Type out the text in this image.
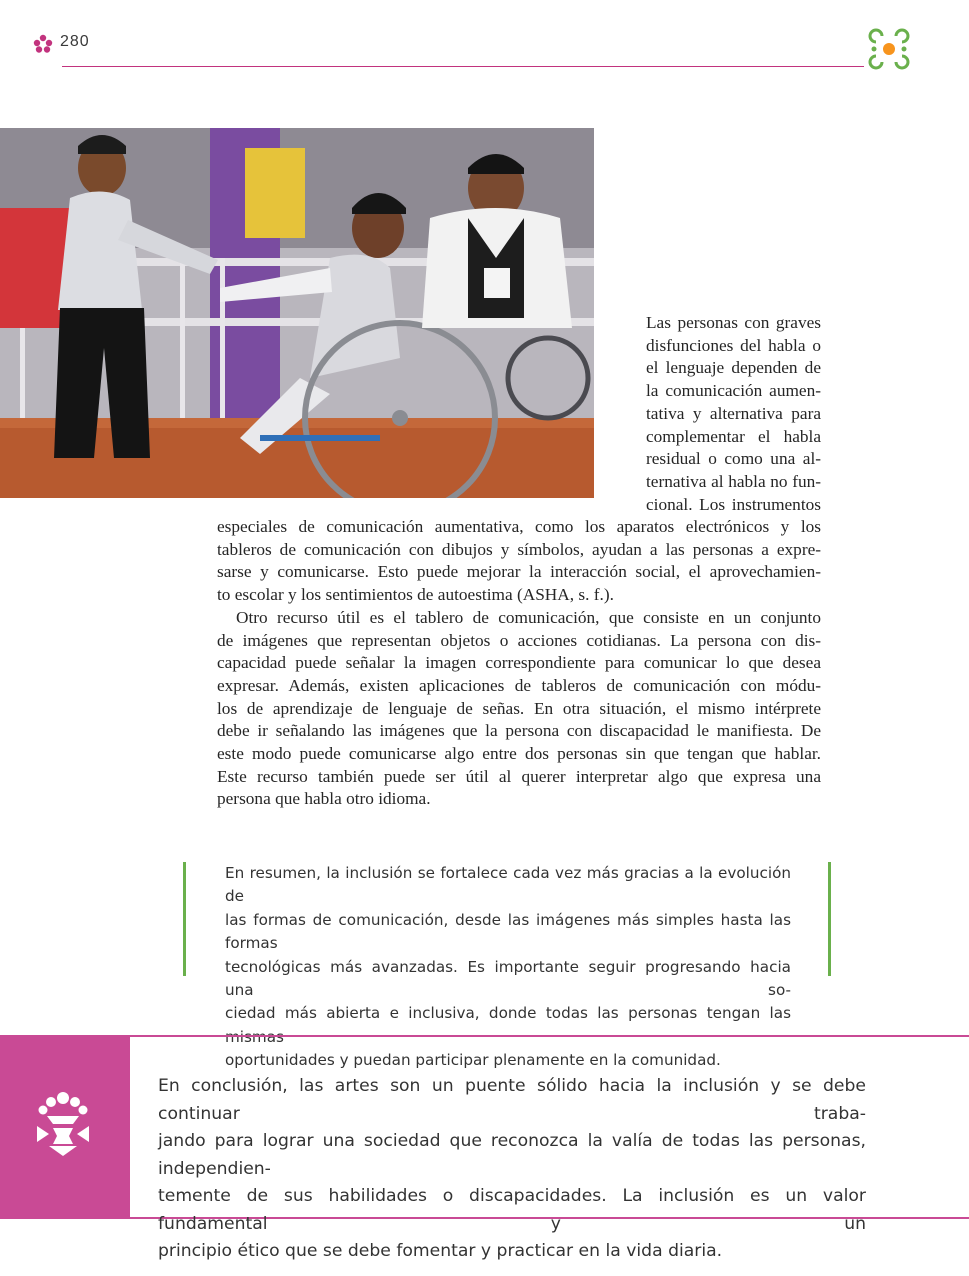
280

Las personas con graves
disfunciones del habla o
el lenguaje dependen de
la comunicación aumen-
tativa y alternativa para
complementar el habla
residual o como una al-
ternativa al habla no fun-
cional. Los instrumentos

especiales de comunicación aumentativa, como los aparatos electrónicos y los
tableros de comunicación con dibujos y símbolos, ayudan a las personas a expre-
sarse y comunicarse. Esto puede mejorar la interacción social, el aprovechamien-
to escolar y los sentimientos de autoestima (ASHA, s. f.).
Otro recurso útil es el tablero de comunicación, que consiste en un conjunto
de imágenes que representan objetos o acciones cotidianas. La persona con dis-
capacidad puede señalar la imagen correspondiente para comunicar lo que desea
expresar. Además, existen aplicaciones de tableros de comunicación con módu-
los de aprendizaje de lenguaje de señas. En otra situación, el mismo intérprete
debe ir señalando las imágenes que la persona con discapacidad le manifiesta. De
este modo puede comunicarse algo entre dos personas sin que tengan que hablar.
Este recurso también puede ser útil al querer interpretar algo que expresa una
persona que habla otro idioma.
En resumen, la inclusión se fortalece cada vez más gracias a la evolución de
las formas de comunicación, desde las imágenes más simples hasta las formas
tecnológicas más avanzadas. Es importante seguir progresando hacia una so-
ciedad más abierta e inclusiva, donde todas las personas tengan las mismas
oportunidades y puedan participar plenamente en la comunidad.
En conclusión, las artes son un puente sólido hacia la inclusión y se debe continuar traba-
jando para lograr una sociedad que reconozca la valía de todas las personas, independien-
temente de sus habilidades o discapacidades. La inclusión es un valor fundamental y un
principio ético que se debe fomentar y practicar en la vida diaria.
